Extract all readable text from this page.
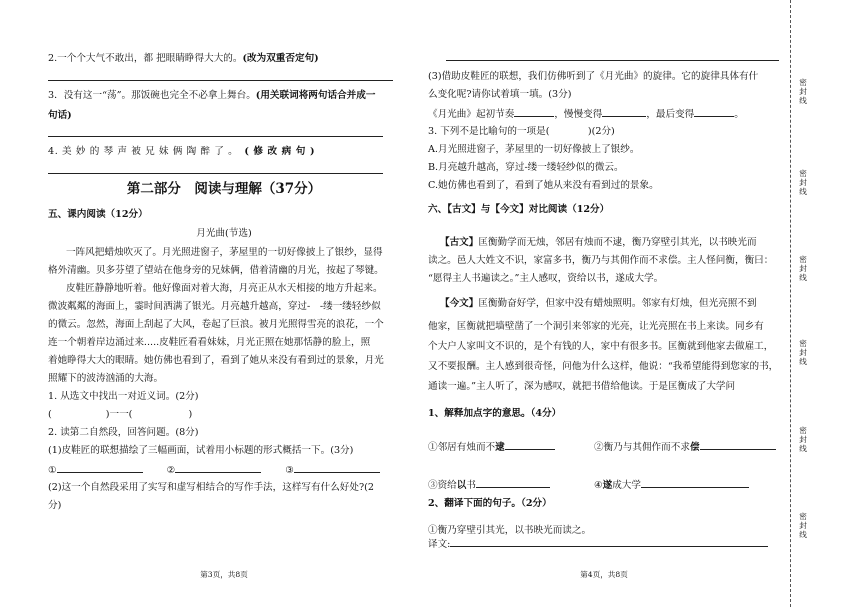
2.一个个大气不敢出，都 把眼睛睁得大大的。(改为双重否定句)
3．没有这一“荡”。那饭碗也完全不必拿上舞台。(用关联词将两句话合并成一
句话)
4. 美 妙 的 琴 声 被 兄 妹 俩 陶 醉 了 。 ( 修 改 病 句 )
第二部分　阅读与理解（37分）
五、课内阅读（12分）
月光曲(节选)
一阵风把蜡烛吹灭了。月光照进窗子，茅屋里的一切好像披上了银纱，显得
格外清幽。贝多芬望了望站在他身旁的兄妹俩，借着清幽的月光，按起了琴键。
皮鞋匠静静地听着。他好像面对着大海，月亮正从水天相接的地方升起来。
微波粼粼的海面上，霎时间洒满了银光。月亮越升越高，穿过-　-缕一缕轻纱似
的微云。忽然，海面上刮起了大风，卷起了巨浪。被月光照得雪亮的浪花，一个
连一个朝着岸边涌过来.....皮鞋匠看看妹妹，月光正照在她那恬静的脸上，照
着她睁得大大的眼睛。她仿佛也看到了，看到了她从来没有看到过的景象，月光
照耀下的波涛汹涌的大海。
1. 从选文中找出一对近义词。(2分)
(	)一一(	)
2. 读第二自然段，回答问题。(8分)
(1)皮鞋匠的联想描绘了三幅画面，试着用小标题的形式概括一下。(3分)
①	②	③
(2)这一个自然段采用了实写和虚写相结合的写作手法，这样写有什么好处?(2
分)
第3页，共8页
(3)借助皮鞋匠的联想，我们仿佛听到了《月光曲》的旋律。它的旋律具体有什
么变化呢?请你试着填一填。(3分)
《月光曲》起初节奏	，慢慢变得	，最后变得	。
3. 下列不是比喻句的一项是(　　　　)(2分)
A.月光照进窗子，茅屋里的一切好像披上了银纱。
B.月亮越升越高，穿过-缕一缕轻纱似的微云。
C.她仿佛也看到了，看到了她从来没有看到过的景象。
六、【古文】与【今文】对比阅读（12分）
【古文】匡衡勤学而无烛，邻居有烛而不逮，衡乃穿壁引其光，以书映光而
读之。邑人大姓文不识，家富多书，衡乃与其佣作而不求偿。主人怪问衡，衡曰：
“愿得主人书遍读之。”主人感叹，资给以书，遂成大学。
【今文】匡衡勤奋好学，但家中没有蜡烛照明。邻家有灯烛，但光亮照不到
他家，匡衡就把墙壁凿了一个洞引来邻家的光亮，让光亮照在书上来读。同乡有
个大户人家叫文不识的，是个有钱的人，家中有很多书。匡衡就到他家去做雇工，
又不要报酬。主人感到很奇怪，问他为什么这样，他说：“我希望能得到您家的书，
通读一遍。”主人听了，深为感叹，就把书借给他读。于是匡衡成了大学问
1、解释加点字的意思。（4分）
①邻居有烛而不逮	②衡乃与其佣作而不求偿
③资给以书	④遂成大学
2、翻译下面的句子。（2分）
①衡乃穿壁引其光，以书映光而读之。
译文:
第4页，共8页
密
封
线
密
封
线
密
封
线
密
封
线
密
封
线
密
封
线
